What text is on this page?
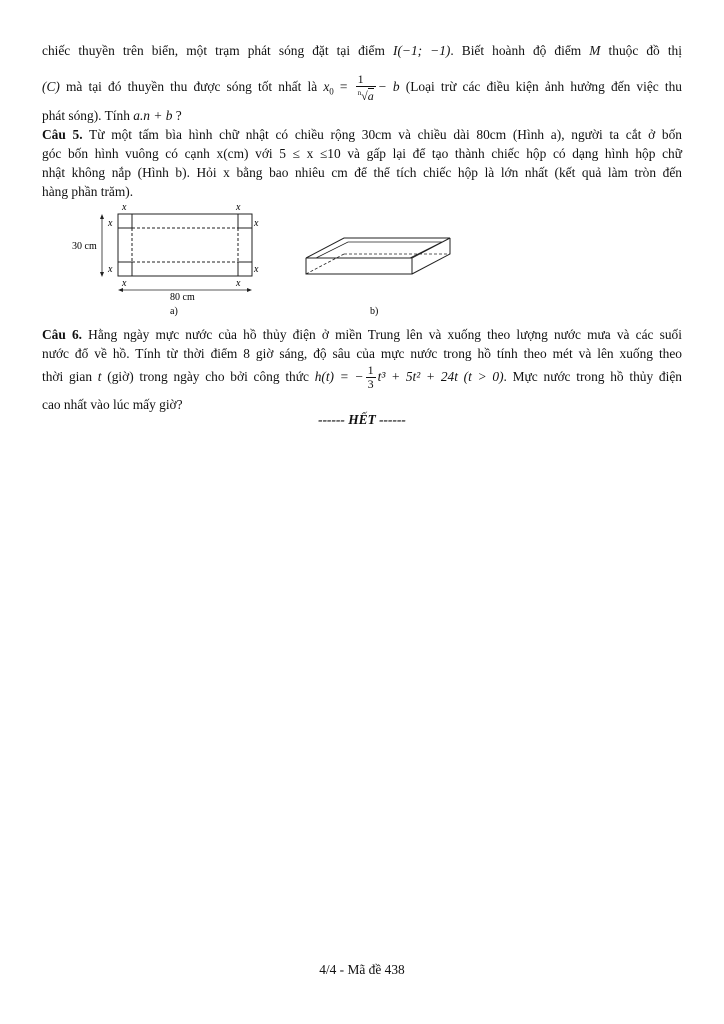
chiếc thuyền trên biển, một trạm phát sóng đặt tại điểm I(−1; −1). Biết hoành độ điểm M thuộc đồ thị
(C) mà tại đó thuyền thu được sóng tốt nhất là $x_0 = \frac{1}{^n√a} - b$ (Loại trừ các điều kiện ảnh hưởng đến việc thu
phát sóng). Tính a.n + b ?
Câu 5. Từ một tấm bìa hình chữ nhật có chiều rộng 30cm và chiều dài 80cm (Hình a), người ta cắt ở bốn
góc bốn hình vuông có cạnh x(cm) với 5 ≤ x ≤10 và gấp lại để tạo thành chiếc hộp có dạng hình hộp chữ
nhật không nắp (Hình b). Hỏi x bằng bao nhiêu cm để thể tích chiếc hộp là lớn nhất (kết quả làm tròn đến
hàng phần trăm).
30 cm
80 cm
x	x
x	x
x	x
x	x
a)	b)
Câu 6. Hằng ngày mực nước của hồ thủy điện ở miền Trung lên và xuống theo lượng nước mưa và các suối
nước đổ về hồ. Tính từ thời điểm 8 giờ sáng, độ sâu của mực nước trong hồ tính theo mét và lên xuống theo
thời gian t (giờ) trong ngày cho bởi công thức h(t) = − $\frac{1}{3} t^3 + 5t^2 + 24t$ (t > 0). Mực nước trong hồ thủy điện
cao nhất vào lúc mấy giờ?
------ HẾT ------
4/4 - Mã đề 438
